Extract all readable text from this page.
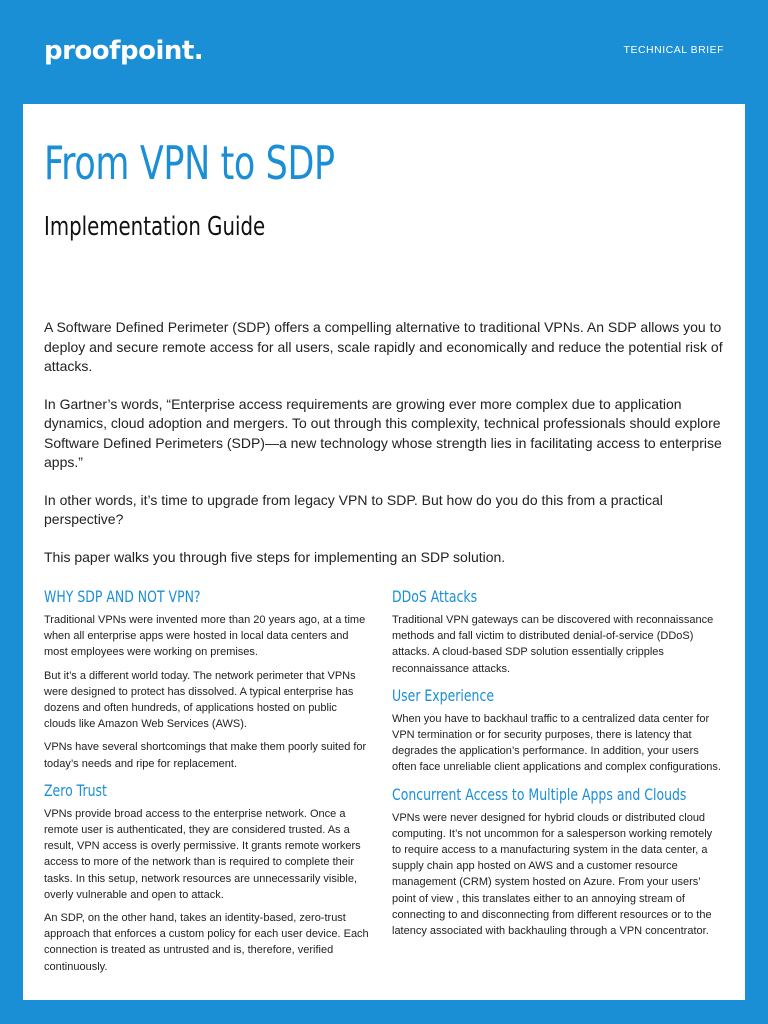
proofpoint.	TECHNICAL BRIEF
From VPN to SDP
Implementation Guide

A Software Defined Perimeter (SDP) offers a compelling alternative to traditional VPNs. An SDP allows you to deploy and secure remote access for all users, scale rapidly and economically and reduce the potential risk of attacks.

In Gartner’s words, “Enterprise access requirements are growing ever more complex due to application dynamics, cloud adoption and mergers. To out through this complexity, technical professionals should explore Software Defined Perimeters (SDP)—a new technology whose strength lies in facilitating access to enterprise apps.”

In other words, it’s time to upgrade from legacy VPN to SDP. But how do you do this from a practical perspective?

This paper walks you through five steps for implementing an SDP solution.

WHY SDP AND NOT VPN?

Traditional VPNs were invented more than 20 years ago, at a time when all enterprise apps were hosted in local data centers and most employees were working on premises.

But it’s a different world today. The network perimeter that VPNs were designed to protect has dissolved. A typical enterprise has dozens and often hundreds, of applications hosted on public clouds like Amazon Web Services (AWS).

VPNs have several shortcomings that make them poorly suited for today’s needs and ripe for replacement.

Zero Trust

VPNs provide broad access to the enterprise network. Once a remote user is authenticated, they are considered trusted. As a result, VPN access is overly permissive. It grants remote workers access to more of the network than is required to complete their tasks. In this setup, network resources are unnecessarily visible, overly vulnerable and open to attack.

An SDP, on the other hand, takes an identity-based, zero-trust approach that enforces a custom policy for each user device. Each connection is treated as untrusted and is, therefore, verified continuously.

DDoS Attacks

Traditional VPN gateways can be discovered with reconnaissance methods and fall victim to distributed denial-of-service (DDoS) attacks. A cloud-based SDP solution essentially cripples reconnaissance attacks.

User Experience

When you have to backhaul traffic to a centralized data center for VPN termination or for security purposes, there is latency that degrades the application’s performance. In addition, your users often face unreliable client applications and complex configurations.

Concurrent Access to Multiple Apps and Clouds

VPNs were never designed for hybrid clouds or distributed cloud computing. It’s not uncommon for a salesperson working remotely to require access to a manufacturing system in the data center, a supply chain app hosted on AWS and a customer resource management (CRM) system hosted on Azure. From your users’ point of view , this translates either to an annoying stream of connecting to and disconnecting from different resources or to the latency associated with backhauling through a VPN concentrator.
